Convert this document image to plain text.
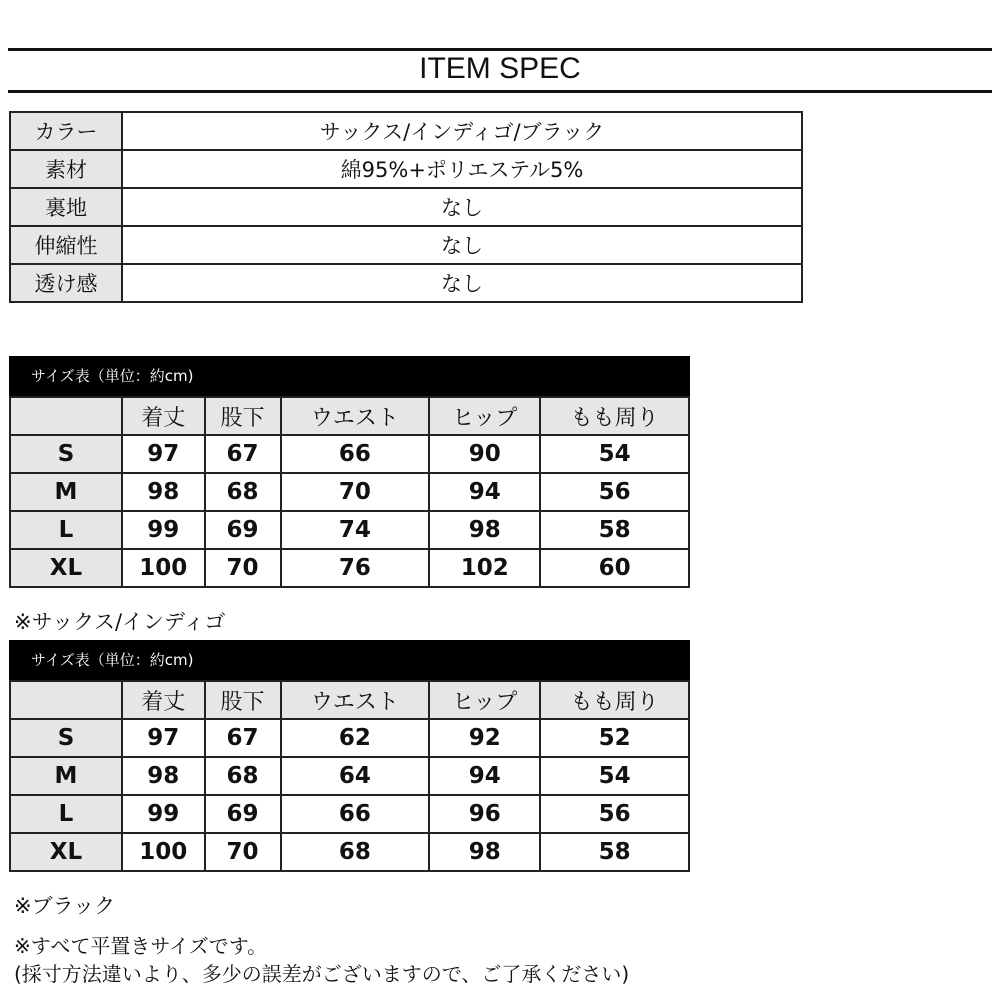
ITEM SPEC
カラー	サックス/インディゴ/ブラック
素材	綿95%+ポリエステル5%
裏地	なし
伸縮性	なし
透け感	なし
サイズ表（単位：約cm)
	着丈	股下	ウエスト	ヒップ	もも周り
S	97	67	66	90	54
M	98	68	70	94	56
L	99	69	74	98	58
XL	100	70	76	102	60
※サックス/インディゴ
サイズ表（単位：約cm)
	着丈	股下	ウエスト	ヒップ	もも周り
S	97	67	62	92	52
M	98	68	64	94	54
L	99	69	66	96	56
XL	100	70	68	98	58
※ブラック
※すべて平置きサイズです。
(採寸方法違いより、多少の誤差がございますので、ご了承ください)
